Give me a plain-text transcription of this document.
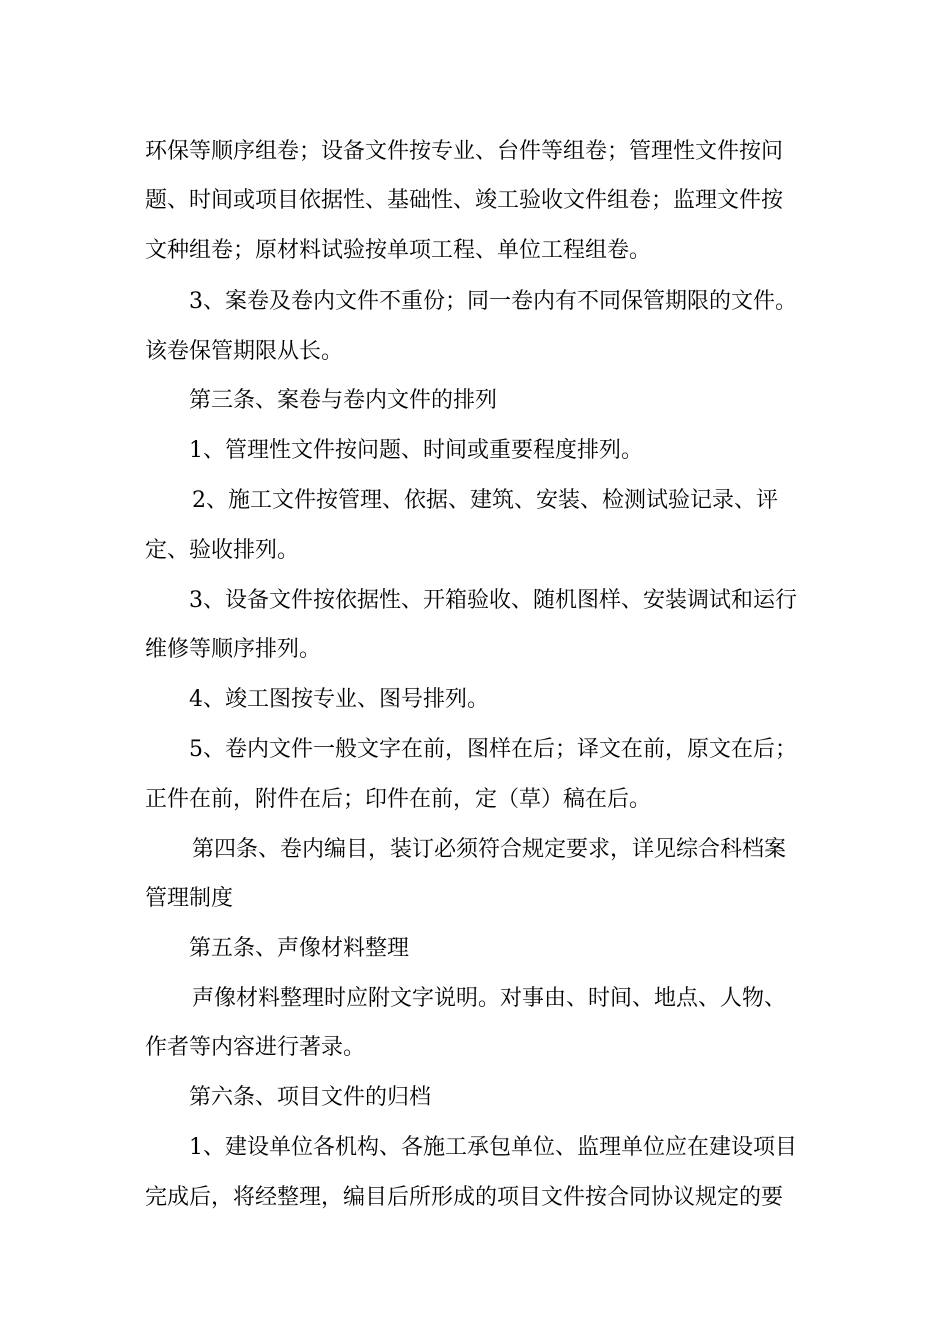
环保等顺序组卷；设备文件按专业、台件等组卷；管理性文件按问
题、时间或项目依据性、基础性、竣工验收文件组卷；监理文件按
文种组卷；原材料试验按单项工程、单位工程组卷。
3、案卷及卷内文件不重份；同一卷内有不同保管期限的文件。
该卷保管期限从长。
第三条、案卷与卷内文件的排列
1、管理性文件按问题、时间或重要程度排列。
2、施工文件按管理、依据、建筑、安装、检测试验记录、评
定、验收排列。
3、设备文件按依据性、开箱验收、随机图样、安装调试和运行
维修等顺序排列。
4、竣工图按专业、图号排列。
5、卷内文件一般文字在前，图样在后；译文在前，原文在后；
正件在前，附件在后；印件在前，定（草）稿在后。
第四条、卷内编目，装订必须符合规定要求，详见综合科档案
管理制度
第五条、声像材料整理
声像材料整理时应附文字说明。对事由、时间、地点、人物、
作者等内容进行著录。
第六条、项目文件的归档
1、建设单位各机构、各施工承包单位、监理单位应在建设项目
完成后，将经整理，编目后所形成的项目文件按合同协议规定的要
